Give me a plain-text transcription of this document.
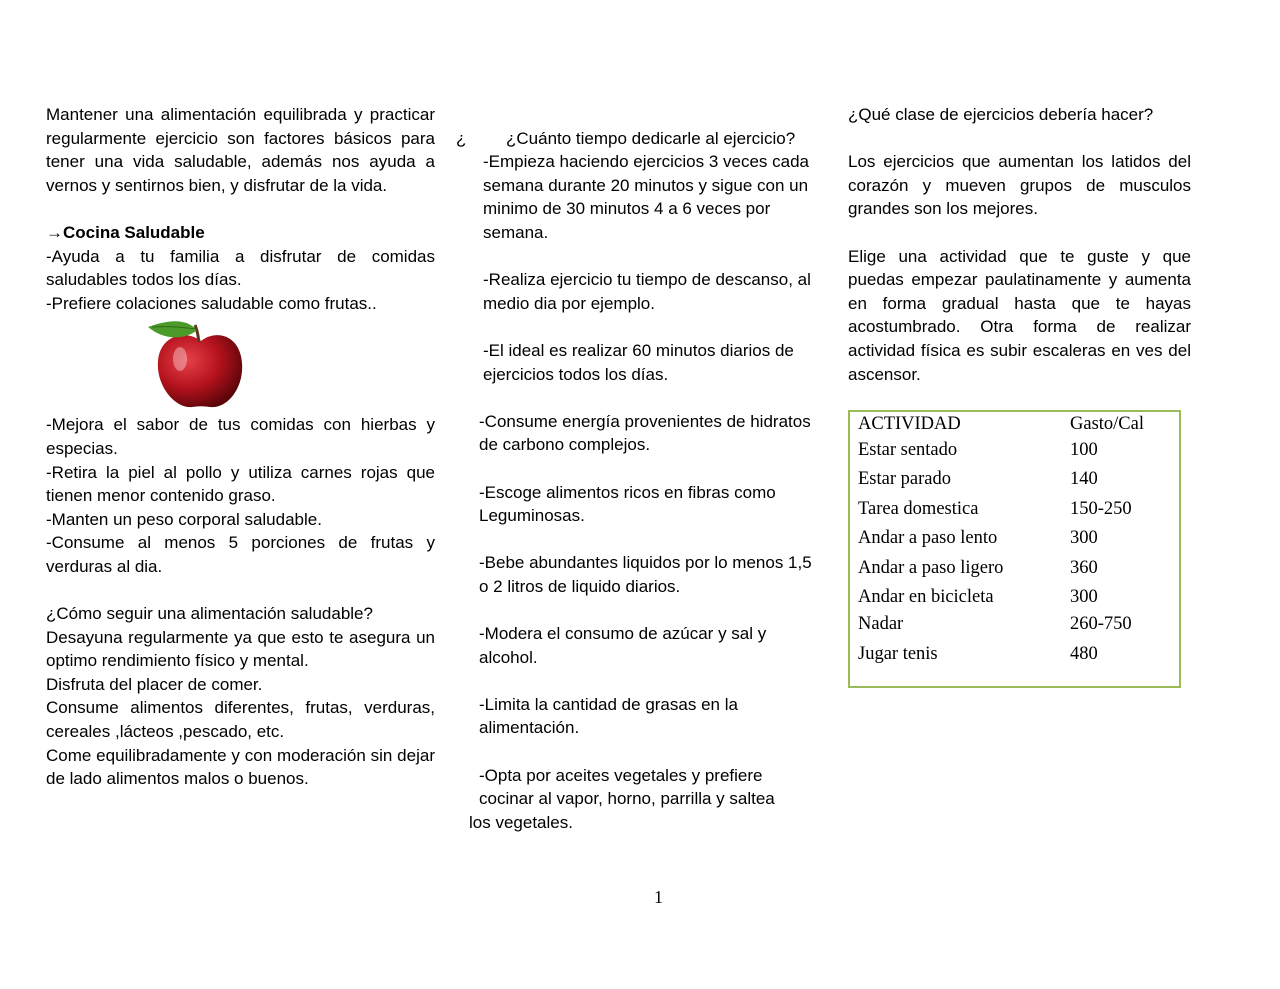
Mantener una alimentación equilibrada y practicar regularmente ejercicio son factores básicos para tener una vida saludable, además nos ayuda a vernos y sentirnos bien, y disfrutar de la vida.

→Cocina Saludable

-Ayuda a tu familia a disfrutar de comidas saludables todos los días.

-Prefiere colaciones saludable como frutas..

-Mejora el sabor de tus comidas con hierbas y especias.

-Retira la piel al pollo y utiliza carnes rojas que tienen menor contenido graso.

-Manten un peso corporal saludable.

-Consume al menos 5 porciones de frutas y verduras al dia.

¿Cómo seguir una alimentación saludable?

Desayuna regularmente ya que esto te asegura un optimo rendimiento físico y mental.

Disfruta del placer de comer.

Consume alimentos diferentes, frutas, verduras, cereales ,lácteos ,pescado, etc.

Come equilibradamente y con moderación sin dejar de lado alimentos malos o buenos.

¿ ¿Cuánto tiempo dedicarle al ejercicio?

-Empieza haciendo ejercicios 3 veces cada semana durante 20 minutos y sigue con un minimo de 30 minutos 4 a 6 veces por semana.

-Realiza ejercicio tu tiempo de descanso, al medio dia por ejemplo.

-El ideal es realizar 60 minutos diarios de ejercicios todos los días.

-Consume energía provenientes de hidratos de carbono complejos.

-Escoge alimentos ricos en fibras como Leguminosas.

-Bebe abundantes liquidos por lo menos 1,5 o 2 litros de liquido diarios.

-Modera el consumo de azúcar y sal y alcohol.

-Limita la cantidad de grasas en la alimentación.

-Opta por aceites vegetales y prefiere cocinar al vapor, horno, parrilla y saltea

los vegetales.

¿Qué clase de ejercicios debería hacer?

Los ejercicios que aumentan los latidos del corazón y mueven grupos de musculos grandes son los mejores.

Elige una actividad que te guste y que puedas empezar paulatinamente y aumenta en forma gradual hasta que te hayas acostumbrado. Otra forma de realizar actividad física es subir escaleras en ves del ascensor.

ACTIVIDAD	Gasto/Cal
Estar sentado	100
Estar parado	140
Tarea domestica	150-250
Andar a paso lento	300
Andar a paso ligero	360
Andar en bicicleta	300
Nadar	260-750
Jugar tenis	480
1
